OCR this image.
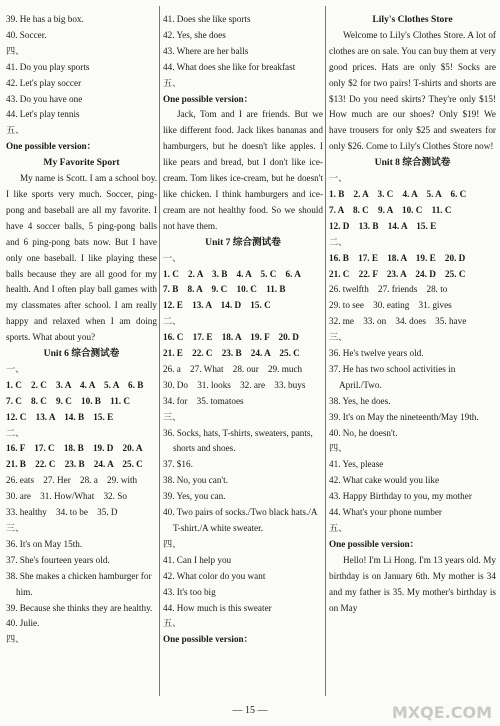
39. He has a big box.
40. Soccer.
四、
41. Do you play sports
42. Let's play soccer
43. Do you have one
44. Let's play tennis
五、
One possible version：
My Favorite Sport
My name is Scott. I am a school boy. I like sports very much. Soccer, ping-pong and baseball are all my favorite. I have 4 soccer balls, 5 ping-pong balls and 6 ping-pong bats now. But I have only one baseball. I like playing these balls because they are all good for my health. And I often play ball games with my classmates after school. I am really happy and relaxed when I am doing sports. What about you?
Unit 6 综合测试卷
一、
1. C　2. C　3. A　4. A　5. A　6. B
7. C　8. C　9. C　10. B　11. C
12. C　13. A　14. B　15. E
二、
16. F　17. C　18. B　19. D　20. A
21. B　22. C　23. B　24. A　25. C
26. eats　27. Her　28. a　29. with
30. are　31. How/What　32. So
33. healthy　34. to be　35. D
三、
36. It's on May 15th.
37. She's fourteen years old.
38. She makes a chicken hamburger for him.
39. Because she thinks they are healthy.
40. Julie.
四、
41. Does she like sports
42. Yes, she does
43. Where are her balls
44. What does she like for breakfast
五、
One possible version：
Jack, Tom and I are friends. But we like different food. Jack likes bananas and hamburgers, but he doesn't like apples. I like pears and bread, but I don't like ice-cream. Tom likes ice-cream, but he doesn't like chicken. I think hamburgers and ice-cream are not healthy food. So we should not have them.
Unit 7 综合测试卷
一、
1. C　2. A　3. B　4. A　5. C　6. A
7. B　8. A　9. C　10. C　11. B
12. E　13. A　14. D　15. C
二、
16. C　17. E　18. A　19. F　20. D
21. E　22. C　23. B　24. A　25. C
26. a　27. What　28. our　29. much
30. Do　31. looks　32. are　33. buys
34. for　35. tomatoes
三、
36. Socks, hats, T-shirts, sweaters, pants, shorts and shoes.
37. $16.
38. No, you can't.
39. Yes, you can.
40. Two pairs of socks./Two black hats./A T-shirt./A white sweater.
四、
41. Can I help you
42. What color do you want
43. It's too big
44. How much is this sweater
五、
One possible version：
Lily's Clothes Store
Welcome to Lily's Clothes Store. A lot of clothes are on sale. You can buy them at very good prices. Hats are only $5! Socks are only $2 for two pairs! T-shirts and shorts are $13! Do you need skirts? They're only $15! How much are our shoes? Only $19! We have trousers for only $25 and sweaters for only $26. Come to Lily's Clothes Store now!
Unit 8 综合测试卷
一、
1. B　2. A　3. C　4. A　5. A　6. C
7. A　8. C　9. A　10. C　11. C
12. D　13. B　14. A　15. E
二、
16. B　17. E　18. A　19. E　20. D
21. C　22. F　23. A　24. D　25. C
26. twelfth　27. friends　28. to
29. to see　30. eating　31. gives
32. me　33. on　34. does　35. have
三、
36. He's twelve years old.
37. He has two school activities in April./Two.
38. Yes, he does.
39. It's on May the nineteenth/May 19th.
40. No, he doesn't.
四、
41. Yes, please
42. What cake would you like
43. Happy Birthday to you, my mother
44. What's your phone number
五、
One possible version：
Hello! I'm Li Hong. I'm 13 years old. My birthday is on January 6th. My mother is 34 and my father is 35. My mother's birthday is on May
— 15 —	MXQE.COM
